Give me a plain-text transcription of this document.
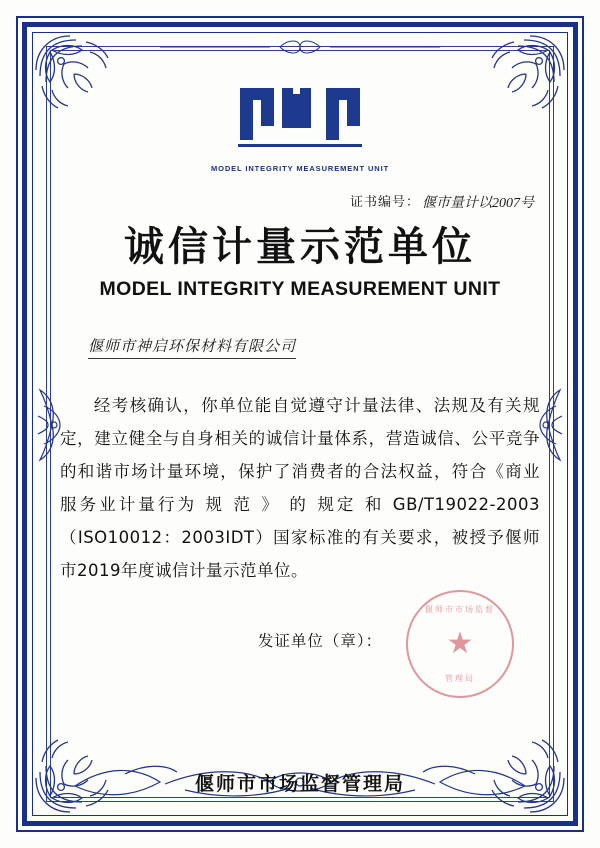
MODEL INTEGRITY MEASUREMENT UNIT
证书编号： 偃市量计以2007号
诚信计量示范单位
MODEL INTEGRITY MEASUREMENT UNIT
偃师市神启环保材料有限公司
经考核确认，你单位能自觉遵守计量法律、法规及有关规定，建立健全与自身相关的诚信计量体系，营造诚信、公平竞争的和谐市场计量环境，保护了消费者的合法权益，符合《商业 服务业计量行为 规 范 》 的 规定 和 GB/T19022-2003（ISO10012：2003IDT）国家标准的有关要求，被授予偃师市2019年度诚信计量示范单位。
发证单位（章）：
偃师市市场监督
★
管理局
偃师市市场监督管理局
